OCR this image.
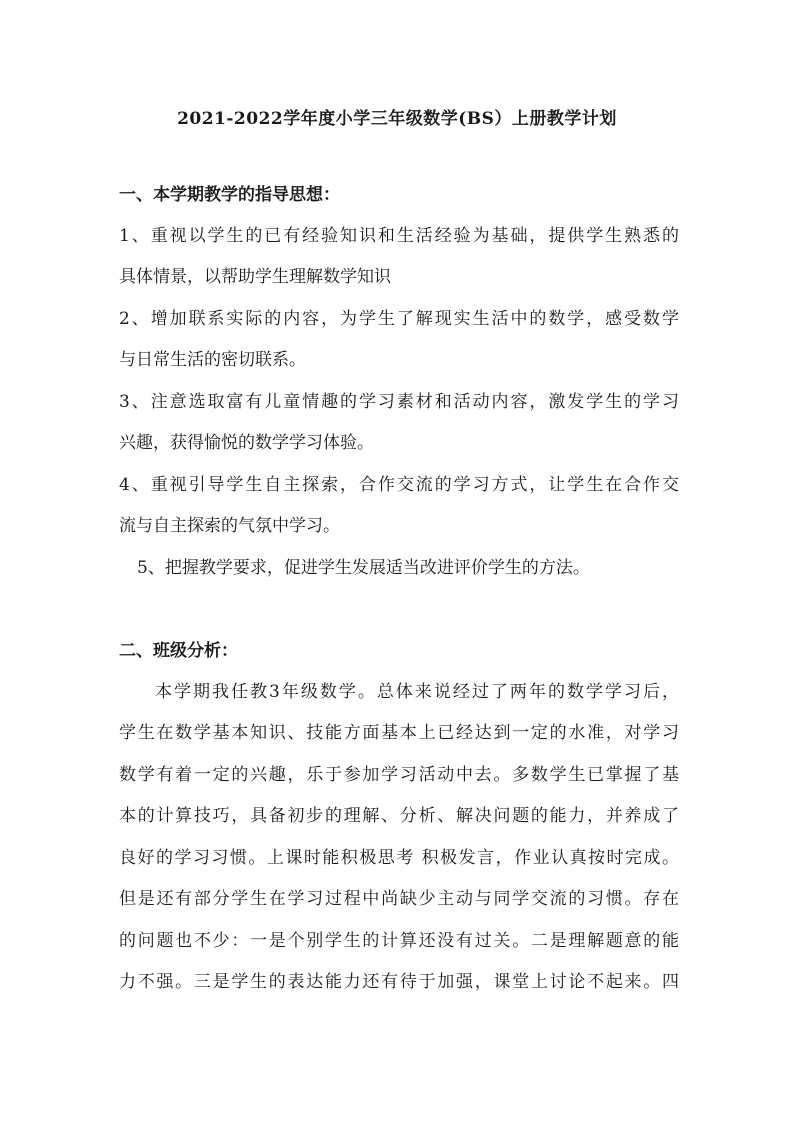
2021-2022学年度小学三年级数学(BS）上册教学计划
一、本学期教学的指导思想：
1、重视以学生的已有经验知识和生活经验为基础，提供学生熟悉的
具体情景，以帮助学生理解数学知识
2、增加联系实际的内容，为学生了解现实生活中的数学，感受数学
与日常生活的密切联系。
3、注意选取富有儿童情趣的学习素材和活动内容，激发学生的学习
兴趣，获得愉悦的数学学习体验。
4、重视引导学生自主探索，合作交流的学习方式，让学生在合作交
流与自主探索的气氛中学习。
5、把握教学要求，促进学生发展适当改进评价学生的方法。
二、班级分析：
本学期我任教3年级数学。总体来说经过了两年的数学学习后，
学生在数学基本知识、技能方面基本上已经达到一定的水准，对学习
数学有着一定的兴趣，乐于参加学习活动中去。多数学生已掌握了基
本的计算技巧，具备初步的理解、分析、解决问题的能力，并养成了
良好的学习习惯。上课时能积极思考 积极发言，作业认真按时完成。
但是还有部分学生在学习过程中尚缺少主动与同学交流的习惯。存在
的问题也不少：一是个别学生的计算还没有过关。二是理解题意的能
力不强。三是学生的表达能力还有待于加强，课堂上讨论不起来。四
